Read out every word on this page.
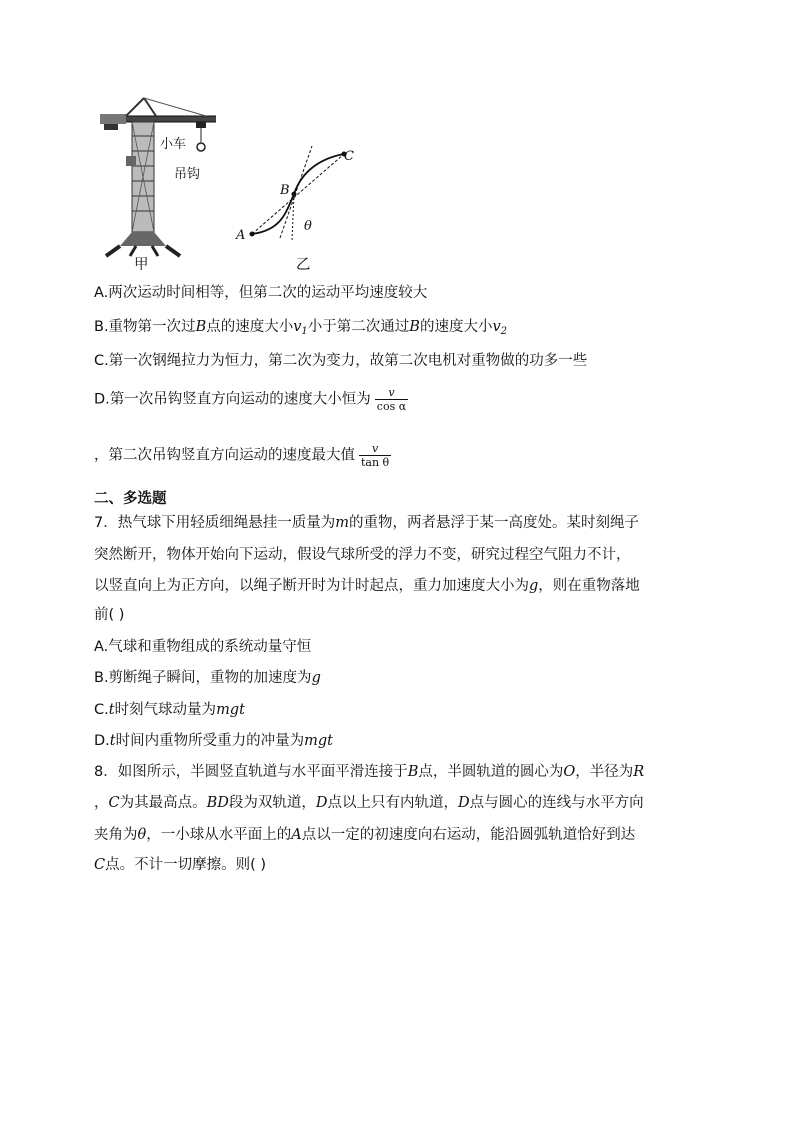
小车
吊钩
A
B
C
θ
甲	乙
A.两次运动时间相等，但第二次的运动平均速度较大
B.重物第一次过B点的速度大小$v_1$小于第二次通过B的速度大小$v_2$
C.第一次钢绳拉力为恒力，第二次为变力，故第二次电机对重物做的功多一些
D.第一次吊钩竖直方向运动的速度大小恒为 $\frac{v}{\text{cos α}}$
，第二次吊钩竖直方向运动的速度最大值 $\frac{v}{\text{tan θ}}$
二、多选题
7．热气球下用轻质细绳悬挂一质量为m的重物，两者悬浮于某一高度处。某时刻绳子
突然断开，物体开始向下运动，假设气球所受的浮力不变，研究过程空气阻力不计，
以竖直向上为正方向，以绳子断开时为计时起点，重力加速度大小为g，则在重物落地
前( )
A.气球和重物组成的系统动量守恒
B.剪断绳子瞬间，重物的加速度为g
C.t时刻气球动量为mgt
D.t时间内重物所受重力的冲量为mgt
8．如图所示，半圆竖直轨道与水平面平滑连接于B点，半圆轨道的圆心为O，半径为R
，C为其最高点。BD段为双轨道，D点以上只有内轨道，D点与圆心的连线与水平方向
夹角为θ，一小球从水平面上的A点以一定的初速度向右运动，能沿圆弧轨道恰好到达
C点。不计一切摩擦。则( )
